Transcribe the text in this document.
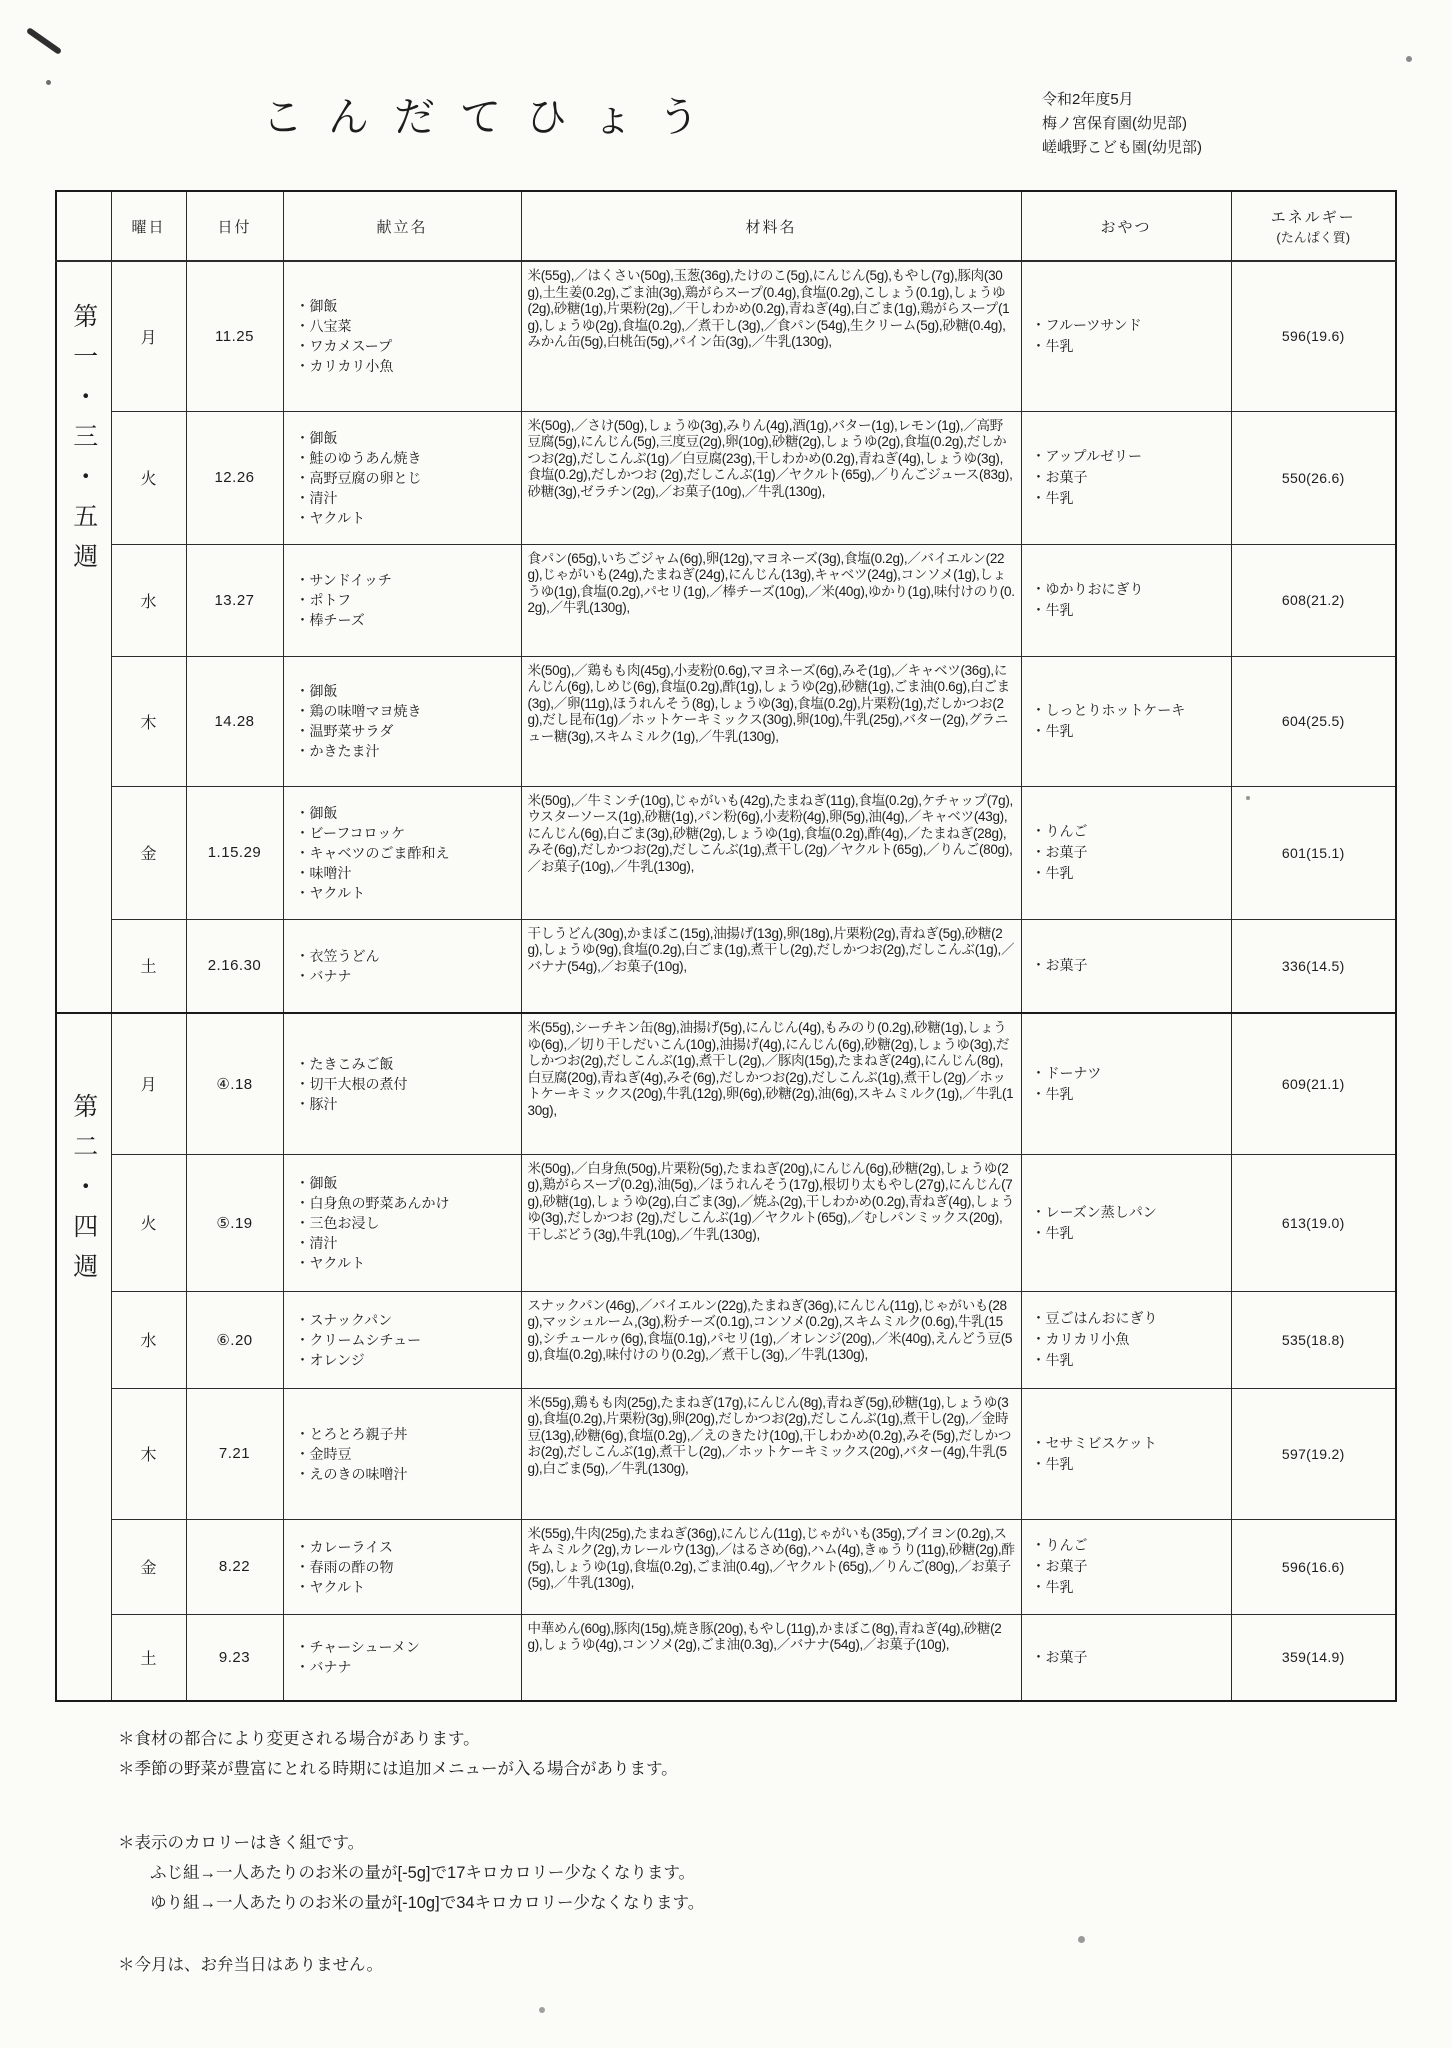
こんだてひょう	令和2年度5月
梅ノ宮保育園(幼児部)
嵯峨野こども園(幼児部)
	曜日	日付	献立名	材料名	おやつ	エネルギー
(たんぱく質)

第一・三・五週	月	11.25	
・御飯
・八宝菜
・ワカメスープ
・カリカリ小魚
	米(55g),／はくさい(50g),玉葱(36g),たけのこ(5g),にんじん(5g),もやし(7g),豚肉(30g),土生姜(0.2g),ごま油(3g),鶏がらスープ(0.4g),食塩(0.2g),こしょう(0.1g),しょうゆ(2g),砂糖(1g),片栗粉(2g),／干しわかめ(0.2g),青ねぎ(4g),白ごま(1g),鶏がらスープ(1g),しょうゆ(2g),食塩(0.2g),／煮干し(3g),／食パン(54g),生クリーム(5g),砂糖(0.4g),みかん缶(5g),白桃缶(5g),パイン缶(3g),／牛乳(130g),	
・フルーツサンド
・牛乳
	596(19.6)
火	12.26	
・御飯
・鮭のゆうあん焼き
・高野豆腐の卵とじ
・清汁
・ヤクルト
	米(50g),／さけ(50g),しょうゆ(3g),みりん(4g),酒(1g),バター(1g),レモン(1g),／高野豆腐(5g),にんじん(5g),三度豆(2g),卵(10g),砂糖(2g),しょうゆ(2g),食塩(0.2g),だしかつお(2g),だしこんぶ(1g)／白豆腐(23g),干しわかめ(0.2g),青ねぎ(4g),しょうゆ(3g),食塩(0.2g),だしかつお (2g),だしこんぶ(1g)／ヤクルト(65g),／りんごジュース(83g),砂糖(3g),ゼラチン(2g),／お菓子(10g),／牛乳(130g),	
・アップルゼリー
・お菓子
・牛乳
	550(26.6)
水	13.27	
・サンドイッチ
・ポトフ
・棒チーズ
	食パン(65g),いちごジャム(6g),卵(12g),マヨネーズ(3g),食塩(0.2g),／バイエルン(22g),じゃがいも(24g),たまねぎ(24g),にんじん(13g),キャベツ(24g),コンソメ(1g),しょうゆ(1g),食塩(0.2g),パセリ(1g),／棒チーズ(10g),／米(40g),ゆかり(1g),味付けのり(0.2g),／牛乳(130g),	
・ゆかりおにぎり
・牛乳
	608(21.2)
木	14.28	
・御飯
・鶏の味噌マヨ焼き
・温野菜サラダ
・かきたま汁
	米(50g),／鶏もも肉(45g),小麦粉(0.6g),マヨネーズ(6g),みそ(1g),／キャベツ(36g),にんじん(6g),しめじ(6g),食塩(0.2g),酢(1g),しょうゆ(2g),砂糖(1g),ごま油(0.6g),白ごま(3g),／卵(11g),ほうれんそう(8g),しょうゆ(3g),食塩(0.2g),片栗粉(1g),だしかつお(2g),だし昆布(1g)／ホットケーキミックス(30g),卵(10g),牛乳(25g),バター(2g),グラニュー糖(3g),スキムミルク(1g),／牛乳(130g),	
・しっとりホットケーキ
・牛乳
	604(25.5)
金	1.15.29	
・御飯
・ビーフコロッケ
・キャベツのごま酢和え
・味噌汁
・ヤクルト
	米(50g),／牛ミンチ(10g),じゃがいも(42g),たまねぎ(11g),食塩(0.2g),ケチャップ(7g),ウスターソース(1g),砂糖(1g),パン粉(6g),小麦粉(4g),卵(5g),油(4g),／キャベツ(43g),にんじん(6g),白ごま(3g),砂糖(2g),しょうゆ(1g),食塩(0.2g),酢(4g),／たまねぎ(28g),みそ(6g),だしかつお(2g),だしこんぶ(1g),煮干し(2g)／ヤクルト(65g),／りんご(80g),／お菓子(10g),／牛乳(130g),	
・りんご
・お菓子
・牛乳
	601(15.1)
	土	2.16.30	・衣笠うどん
・バナナ	干しうどん(30g),かまぼこ(15g),油揚げ(13g),卵(18g),片栗粉(2g),青ねぎ(5g),砂糖(2g),しょうゆ(9g),食塩(0.2g),白ごま(1g),煮干し(2g),だしかつお(2g),だしこんぶ(1g),／バナナ(54g),／お菓子(10g),	・お菓子	336(14.5)
第二・四週	月	④.18	
・たきこみご飯
・切干大根の煮付
・豚汁
	米(55g),シーチキン缶(8g),油揚げ(5g),にんじん(4g),もみのり(0.2g),砂糖(1g),しょうゆ(6g),／切り干しだいこん(10g),油揚げ(4g),にんじん(6g),砂糖(2g),しょうゆ(3g),だしかつお(2g),だしこんぶ(1g),煮干し(2g),／豚肉(15g),たまねぎ(24g),にんじん(8g),白豆腐(20g),青ねぎ(4g),みそ(6g),だしかつお(2g),だしこんぶ(1g),煮干し(2g)／ホットケーキミックス(20g),牛乳(12g),卵(6g),砂糖(2g),油(6g),スキムミルク(1g),／牛乳(130g),	
・ドーナツ
・牛乳
	609(21.1)
火	⑤.19	
・御飯
・白身魚の野菜あんかけ
・三色お浸し
・清汁
・ヤクルト
	米(50g),／白身魚(50g),片栗粉(5g),たまねぎ(20g),にんじん(6g),砂糖(2g),しょうゆ(2g),鶏がらスープ(0.2g),油(5g),／ほうれんそう(17g),根切り太もやし(27g),にんじん(7g),砂糖(1g),しょうゆ(2g),白ごま(3g),／焼ふ(2g),干しわかめ(0.2g),青ねぎ(4g),しょうゆ(3g),だしかつお (2g),だしこんぶ(1g)／ヤクルト(65g),／むしパンミックス(20g),干しぶどう(3g),牛乳(10g),／牛乳(130g),	
・レーズン蒸しパン
・牛乳
	613(19.0)
水	⑥.20	
・スナックパン
・クリームシチュー
・オレンジ
	スナックパン(46g),／バイエルン(22g),たまねぎ(36g),にんじん(11g),じゃがいも(28g),マッシュルーム,(3g),粉チーズ(0.1g),コンソメ(0.2g),スキムミルク(0.6g),牛乳(15g),シチュールゥ(6g),食塩(0.1g),パセリ(1g),／オレンジ(20g),／米(40g),えんどう豆(5g),食塩(0.2g),味付けのり(0.2g),／煮干し(3g),／牛乳(130g),	
・豆ごはんおにぎり
・カリカリ小魚
・牛乳
	535(18.8)
木	7.21	
・とろとろ親子丼
・金時豆
・えのきの味噌汁
	米(55g),鶏もも肉(25g),たまねぎ(17g),にんじん(8g),青ねぎ(5g),砂糖(1g),しょうゆ(3g),食塩(0.2g),片栗粉(3g),卵(20g),だしかつお(2g),だしこんぶ(1g),煮干し(2g),／金時豆(13g),砂糖(6g),食塩(0.2g),／えのきたけ(10g),干しわかめ(0.2g),みそ(5g),だしかつお(2g),だしこんぶ(1g),煮干し(2g),／ホットケーキミックス(20g),バター(4g),牛乳(5g),白ごま(5g),／牛乳(130g),	
・セサミビスケット
・牛乳
	597(19.2)
金	8.22	
・カレーライス
・春雨の酢の物
・ヤクルト
	米(55g),牛肉(25g),たまねぎ(36g),にんじん(11g),じゃがいも(35g),ブイヨン(0.2g),スキムミルク(2g),カレールウ(13g),／はるさめ(6g),ハム(4g),きゅうり(11g),砂糖(2g),酢(5g),しょうゆ(1g),食塩(0.2g),ごま油(0.4g),／ヤクルト(65g),／りんご(80g),／お菓子(5g),／牛乳(130g),	
・りんご
・お菓子
・牛乳
	596(16.6)
	土	9.23	・チャーシューメン
・バナナ	中華めん(60g),豚肉(15g),焼き豚(20g),もやし(11g),かまぼこ(8g),青ねぎ(4g),砂糖(2g),しょうゆ(4g),コンソメ(2g),ごま油(0.3g),／バナナ(54g),／お菓子(10g),	・お菓子	359(14.9)
＊食材の都合により変更される場合があります。
＊季節の野菜が豊富にとれる時期には追加メニューが入る場合があります。
＊表示のカロリーはきく組です。
ふじ組→一人あたりのお米の量が[-5g]で17キロカロリー少なくなります。
ゆり組→一人あたりのお米の量が[-10g]で34キロカロリー少なくなります。
＊今月は、お弁当日はありません。
